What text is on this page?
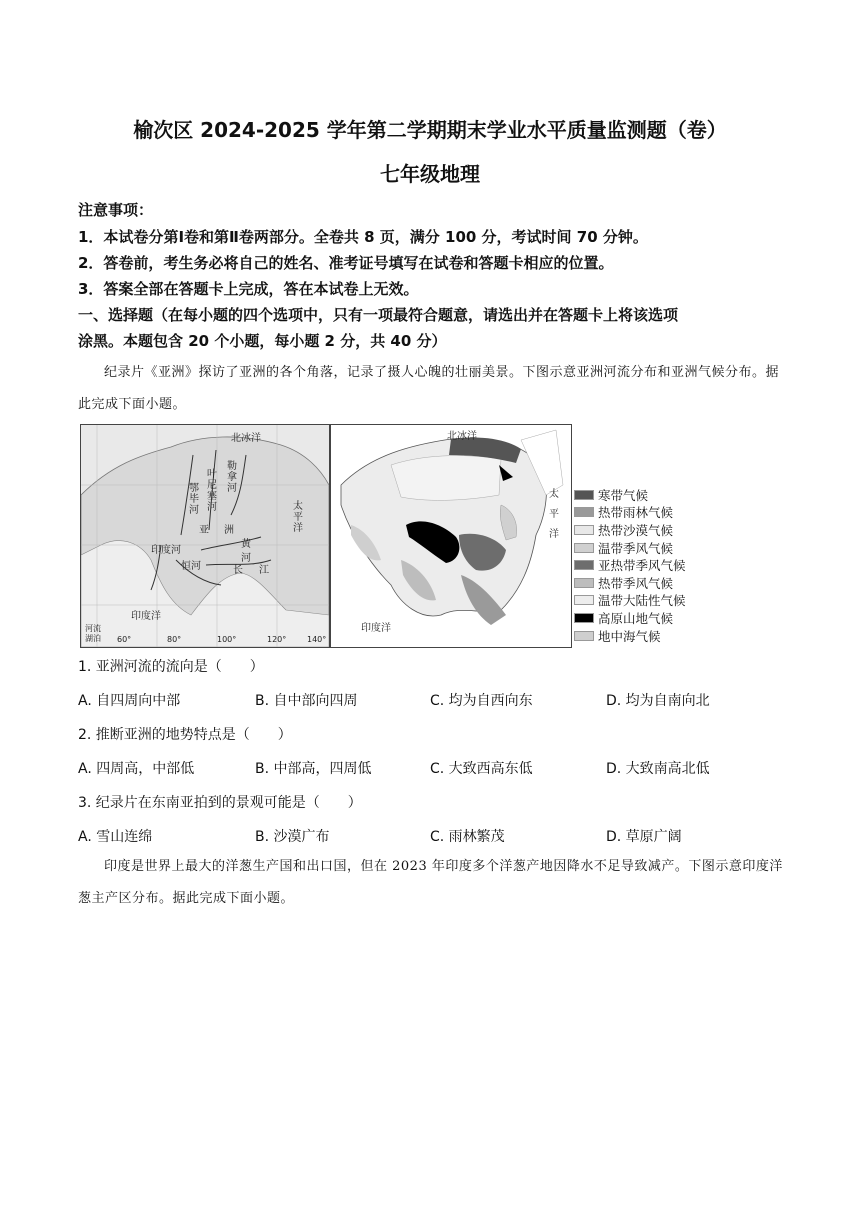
榆次区 2024-2025 学年第二学期期末学业水平质量监测题（卷）
七年级地理
注意事项：
1．本试卷分第Ⅰ卷和第Ⅱ卷两部分。全卷共 8 页，满分 100 分，考试时间 70 分钟。
2．答卷前，考生务必将自己的姓名、准考证号填写在试卷和答题卡相应的位置。
3．答案全部在答题卡上完成，答在本试卷上无效。
一、选择题（在每小题的四个选项中，只有一项最符合题意，请选出并在答题卡上将该选项
涂黑。本题包含 20 个小题，每小题 2 分，共 40 分）
纪录片《亚洲》探访了亚洲的各个角落，记录了摄人心魄的壮丽美景。下图示意亚洲河流分布和亚洲气候分布。据此完成下面小题。
鄂毕河
叶尼塞河
勒拿河
亚 洲
黄
河
印度河
恒河	长 江
太平洋
印度洋
北冰洋
河流
湖泊 60°	80°	100°	120°	140°
北冰洋
太
平
洋
印度洋
寒带气候
热带雨林气候
热带沙漠气候
温带季风气候
亚热带季风气候
热带季风气候
温带大陆性气候
高原山地气候
地中海气候
1. 亚洲河流的流向是（　　）
A. 自四周向中部	B. 自中部向四周	C. 均为自西向东	D. 均为自南向北
2. 推断亚洲的地势特点是（　　）
A. 四周高，中部低	B. 中部高，四周低	C. 大致西高东低	D. 大致南高北低
3. 纪录片在东南亚拍到的景观可能是（　　）
A. 雪山连绵	B. 沙漠广布	C. 雨林繁茂	D. 草原广阔
印度是世界上最大的洋葱生产国和出口国，但在 2023 年印度多个洋葱产地因降水不足导致减产。下图示意印度洋葱主产区分布。据此完成下面小题。
